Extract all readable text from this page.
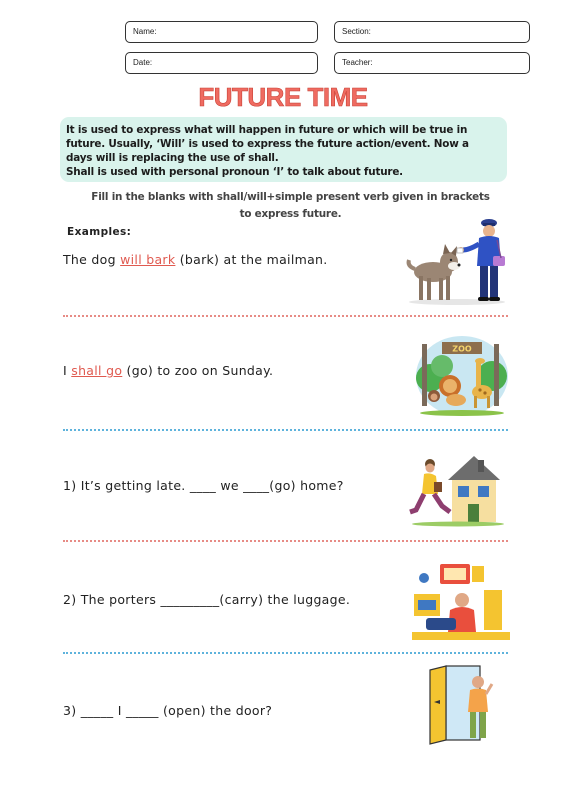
Name:	Section:
Date:	Teacher:
FUTURE TIME
It is used to express what will happen in future or which will be true in
future. Usually, ‘Will’ is used to express the future action/event. Now a
days will is replacing the use of shall.
Shall is used with personal pronoun ‘I’ to talk about future.
Fill in the blanks with shall/will+simple present verb given in brackets
to express future.
Examples:
The dog will bark (bark) at the mailman.
I shall go (go) to zoo on Sunday.
ZOO
1) It’s getting late. ____ we ____(go) home?
2) The porters _________(carry) the luggage.
3) _____ I _____ (open) the door?
